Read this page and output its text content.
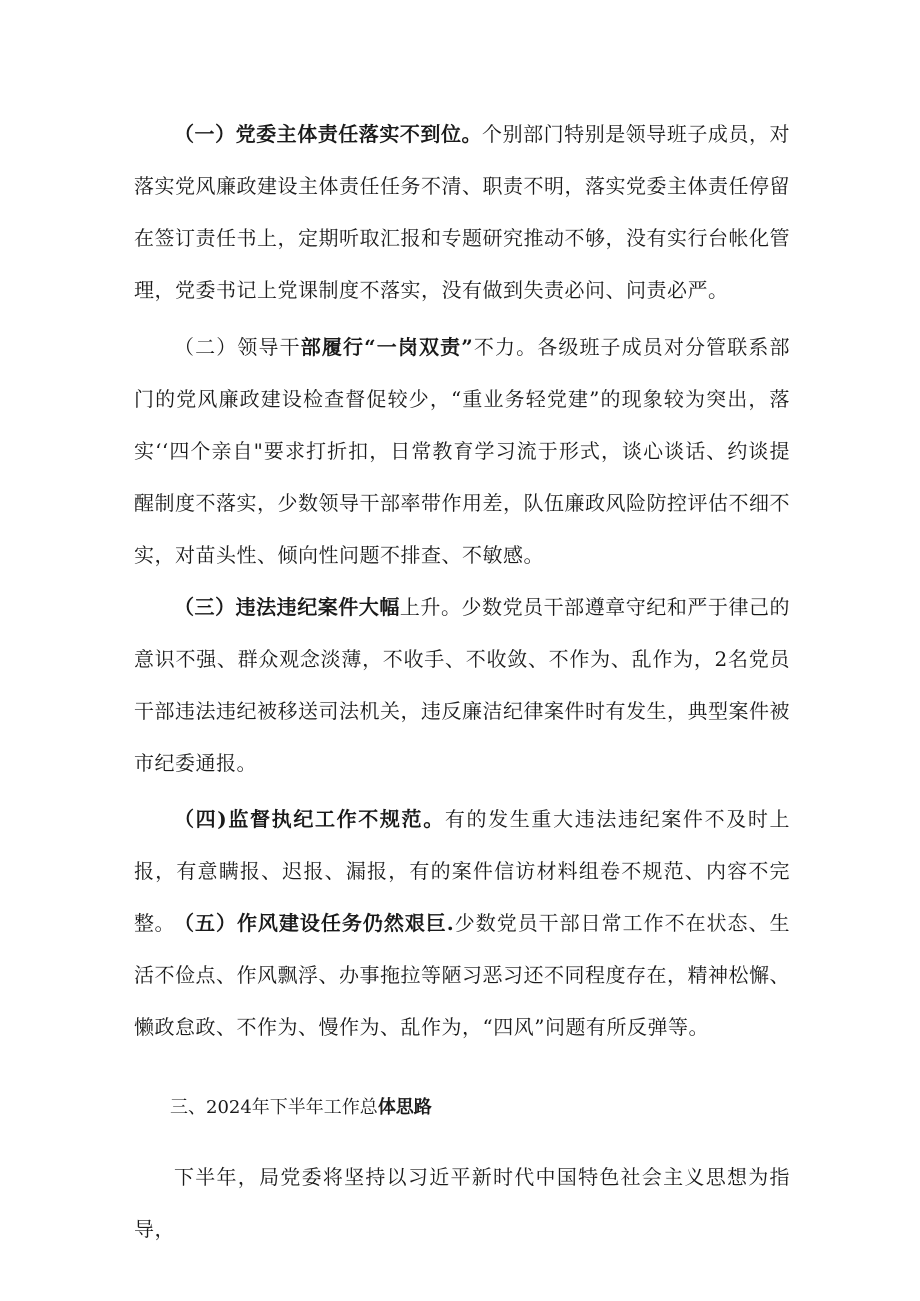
（一）党委主体责任落实不到位。个别部门特别是领导班子成员，对落实党风廉政建设主体责任任务不清、职责不明，落实党委主体责任停留在签订责任书上，定期听取汇报和专题研究推动不够，没有实行台帐化管理，党委书记上党课制度不落实，没有做到失责必问、问责必严。

（二）领导干部履行“一岗双责”不力。各级班子成员对分管联系部门的党风廉政建设检查督促较少，“重业务轻党建”的现象较为突出，落实‘‘四个亲自"要求打折扣，日常教育学习流于形式，谈心谈话、约谈提醒制度不落实，少数领导干部率带作用差，队伍廉政风险防控评估不细不实，对苗头性、倾向性问题不排查、不敏感。

（三）违法违纪案件大幅上升。少数党员干部遵章守纪和严于律己的意识不强、群众观念淡薄，不收手、不收敛、不作为、乱作为，2名党员干部违法违纪被移送司法机关，违反廉洁纪律案件时有发生，典型案件被市纪委通报。

（四)监督执纪工作不规范。有的发生重大违法违纪案件不及时上报，有意瞒报、迟报、漏报，有的案件信访材料组卷不规范、内容不完整。 （五）作风建设任务仍然艰巨.少数党员干部日常工作不在状态、生活不俭点、作风飘浮、办事拖拉等陋习恶习还不同程度存在，精神松懈、懒政怠政、不作为、慢作为、乱作为，“四风”问题有所反弹等。

三、2024年下半年工作总体思路

下半年，局党委将坚持以习近平新时代中国特色社会主义思想为指导，
